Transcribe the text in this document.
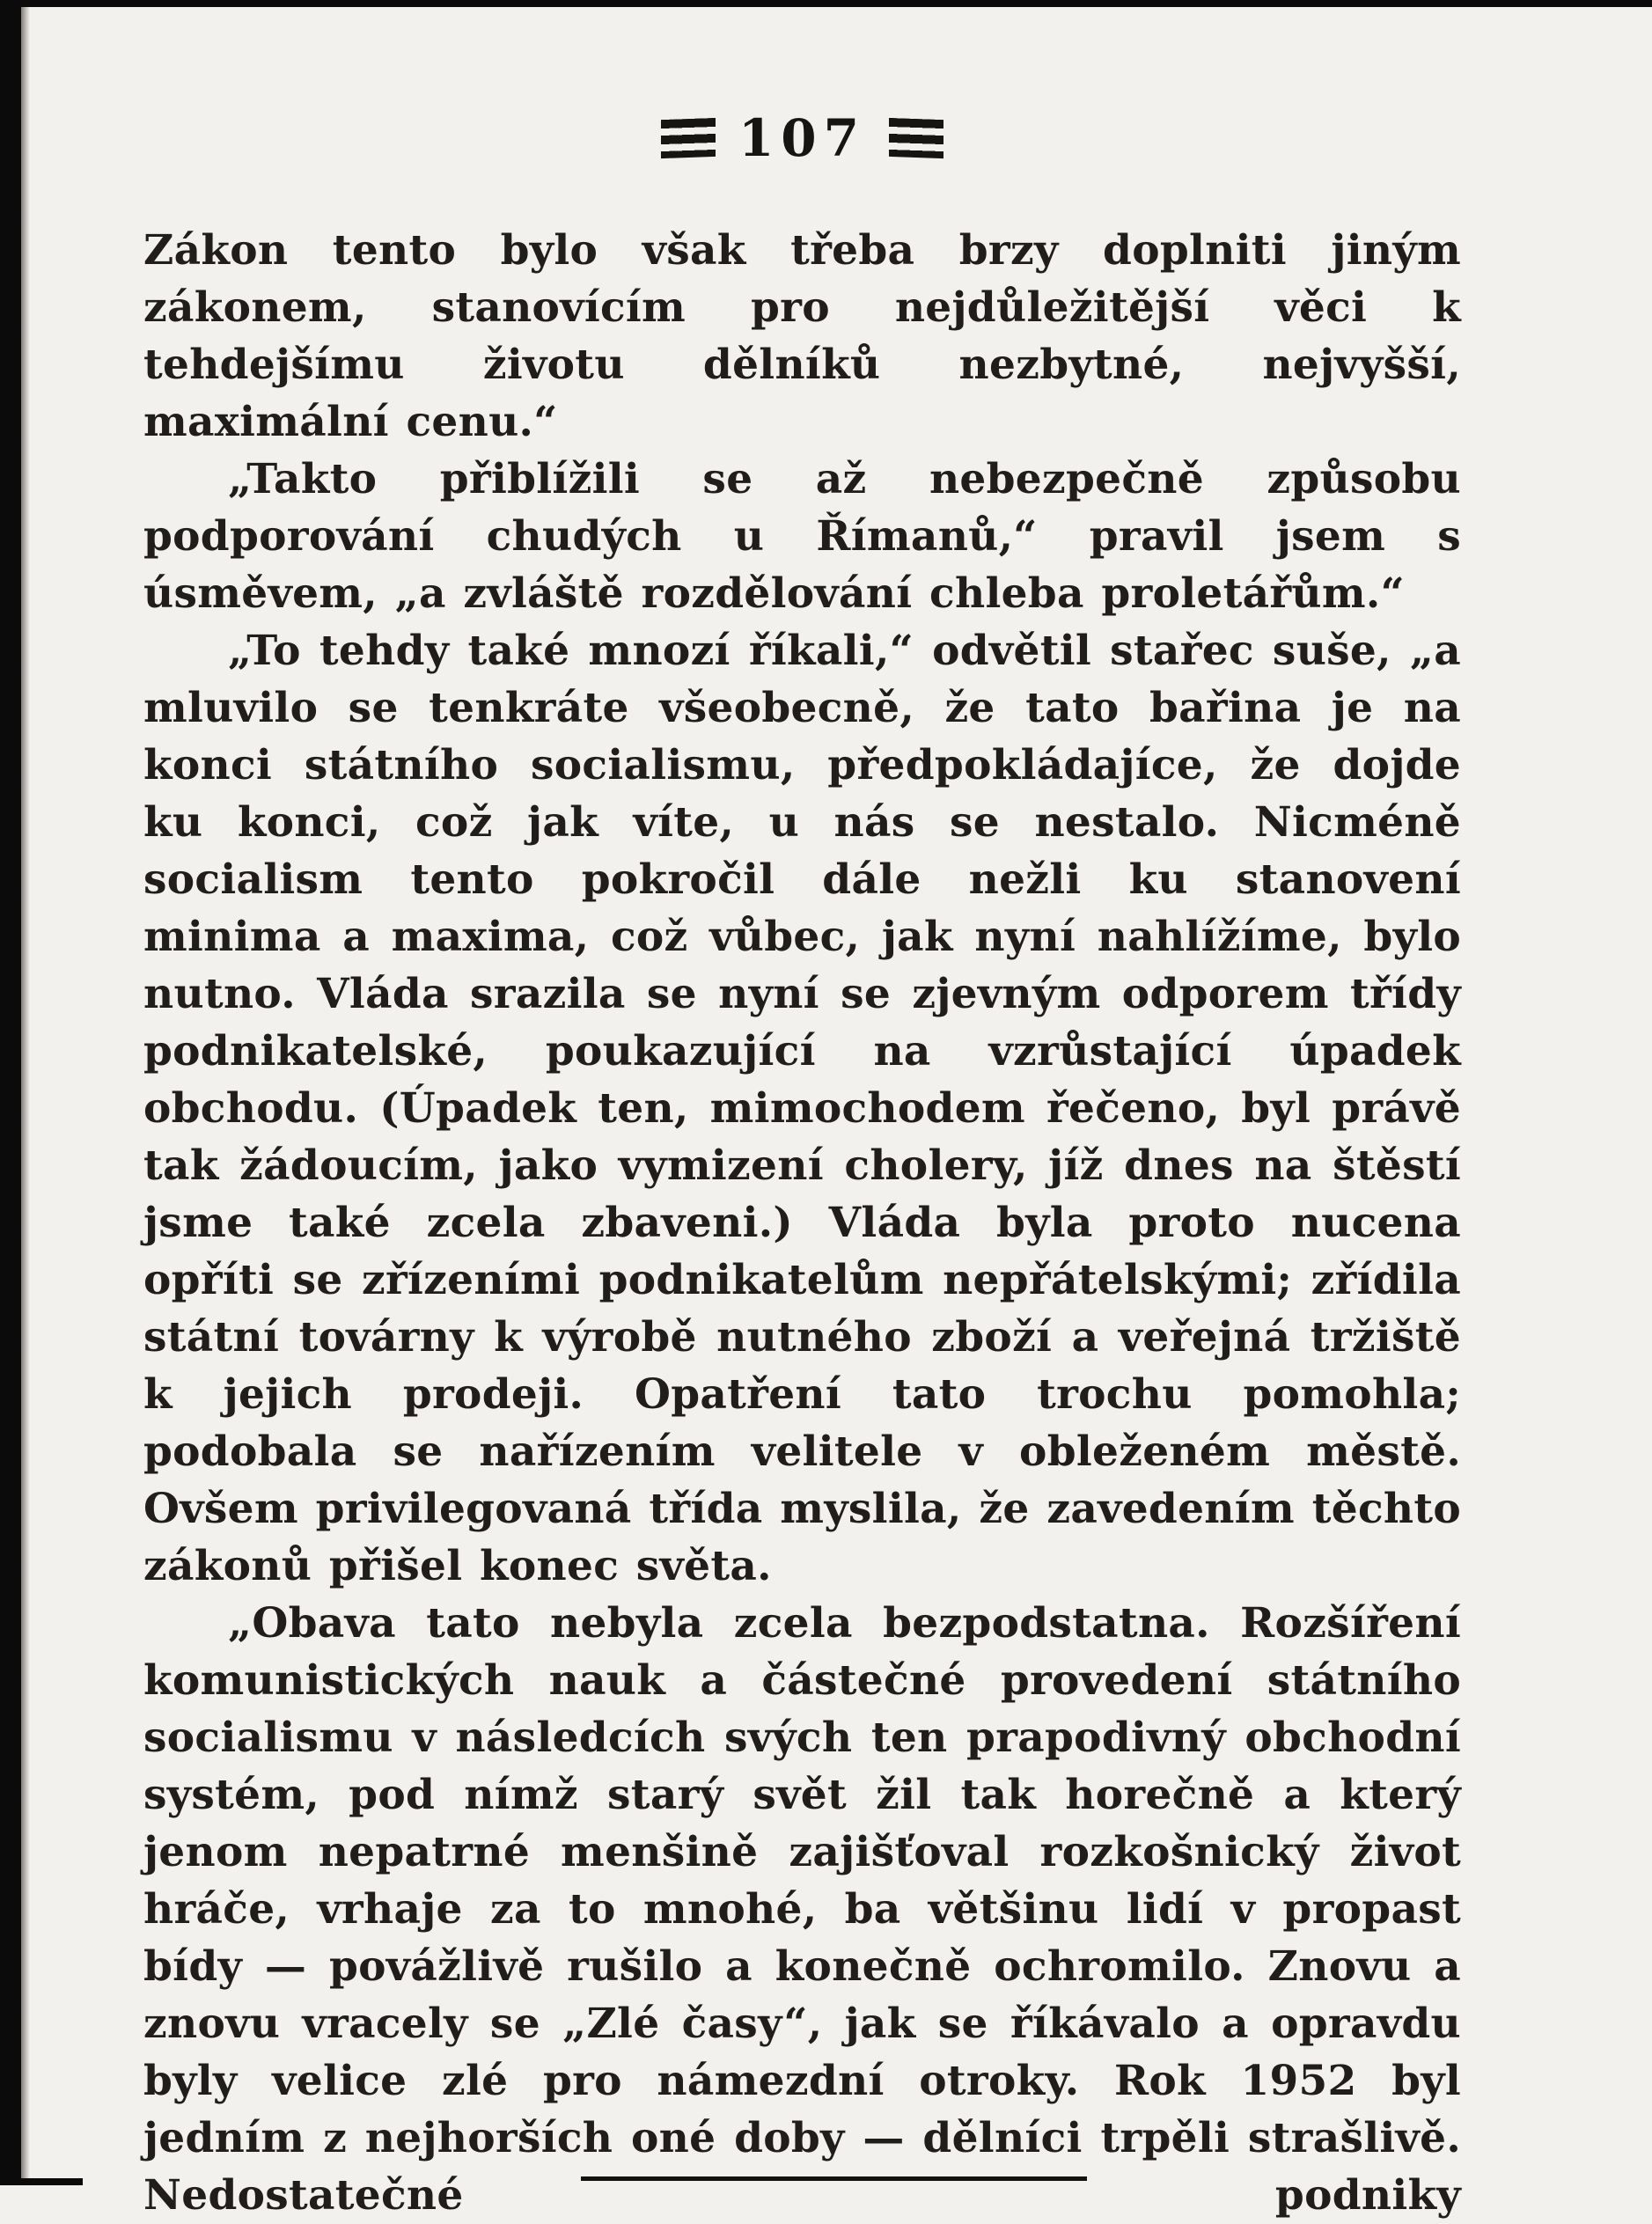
107

Zákon tento bylo však třeba brzy doplniti jiným zákonem, stanovícím pro nejdůležitější věci k tehdejšímu životu dělníků nezbytné, nejvyšší, maximální cenu.“

„Takto přiblížili se až nebezpečně způsobu podporování chudých u Římanů,“ pravil jsem s úsměvem, „a zvláště rozdělování chleba proletářům.“

„To tehdy také mnozí říkali,“ odvětil stařec suše, „a mluvilo se tenkráte všeobecně, že tato bařina je na konci státního socialismu, předpokládajíce, že dojde ku konci, což jak víte, u nás se nestalo. Nicméně socialism tento pokročil dále nežli ku stanovení minima a maxima, což vůbec, jak nyní nahlížíme, bylo nutno. Vláda srazila se nyní se zjevným odporem třídy podnikatelské, poukazující na vzrůstající úpadek obchodu. (Úpadek ten, mimochodem řečeno, byl právě tak žádoucím, jako vymizení cholery, jíž dnes na štěstí jsme také zcela zbaveni.) Vláda byla proto nucena opříti se zřízeními podnikatelům nepřátelskými; zřídila státní továrny k výrobě nutného zboží a veřejná tržiště k jejich prodeji. Opatření tato trochu pomohla; podobala se nařízením velitele v obleženém městě. Ovšem privilegovaná třída myslila, že zavedením těchto zákonů přišel konec světa.

„Obava tato nebyla zcela bezpodstatna. Rozšíření komunistických nauk a částečné provedení státního socialismu v následcích svých ten prapodivný obchodní systém, pod nímž starý svět žil tak horečně a který jenom nepatrné menšině zajišťoval rozkošnický život hráče, vrhaje za to mnohé, ba většinu lidí v propast bídy — povážlivě rušilo a konečně ochromilo. Znovu a znovu vracely se „Zlé časy“, jak se říkávalo a opravdu byly velice zlé pro námezdní otroky. Rok 1952 byl jedním z nejhorších oné doby — dělníci trpěli strašlivě. Nedostatečné podniky
